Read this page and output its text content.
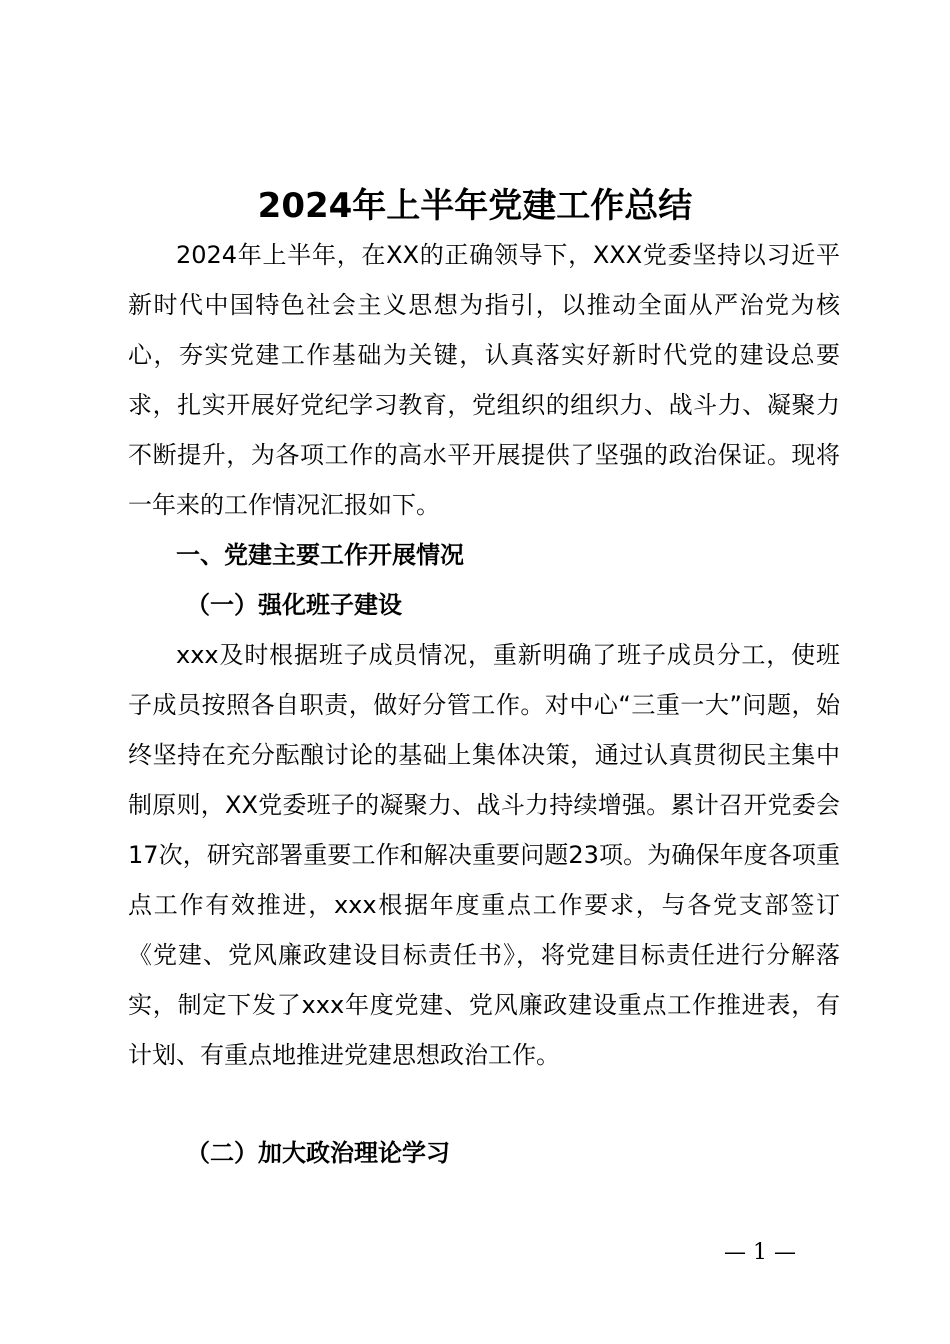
2024年上半年党建工作总结

2024年上半年，在XX的正确领导下，XXX党委坚持以习近平新时代中国特色社会主义思想为指引，以推动全面从严治党为核心，夯实党建工作基础为关键，认真落实好新时代党的建设总要求，扎实开展好党纪学习教育，党组织的组织力、战斗力、凝聚力不断提升，为各项工作的高水平开展提供了坚强的政治保证。现将一年来的工作情况汇报如下。

一、党建主要工作开展情况

（一）强化班子建设

xxx及时根据班子成员情况，重新明确了班子成员分工，使班子成员按照各自职责，做好分管工作。对中心“三重一大”问题，始终坚持在充分酝酿讨论的基础上集体决策，通过认真贯彻民主集中制原则，XX党委班子的凝聚力、战斗力持续增强。累计召开党委会17次，研究部署重要工作和解决重要问题23项。为确保年度各项重点工作有效推进，xxx根据年度重点工作要求，与各党支部签订《党建、党风廉政建设目标责任书》，将党建目标责任进行分解落实，制定下发了xxx年度党建、党风廉政建设重点工作推进表，有计划、有重点地推进党建思想政治工作。

（二）加大政治理论学习

— 1 —
